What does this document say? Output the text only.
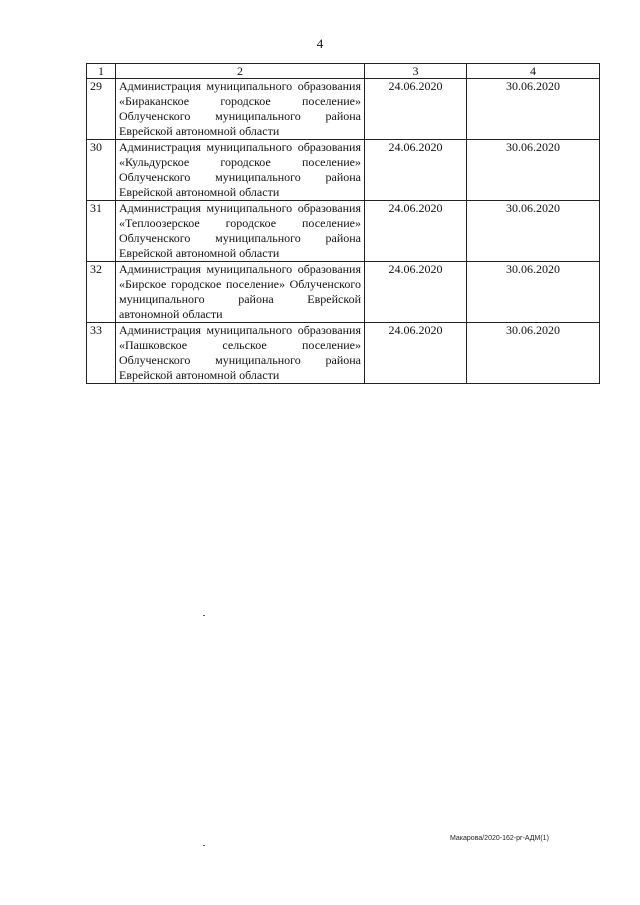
4
1	2	3	4
29	Администрация муниципального образования «Бираканское городское поселение» Облученского муниципального района Еврейской автономной области	24.06.2020	30.06.2020
30	Администрация муниципального образования «Кульдурское городское поселение» Облученского муниципального района Еврейской автономной области	24.06.2020	30.06.2020
31	Администрация муниципального образования «Теплоозерское городское поселение» Облученского муниципального района Еврейской автономной области	24.06.2020	30.06.2020
32	Администрация муниципального образования «Бирское городское поселение» Облученского муниципального района Еврейской автономной области	24.06.2020	30.06.2020
33	Администрация муниципального образования «Пашковское сельское поселение» Облученского муниципального района Еврейской автономной области	24.06.2020	30.06.2020
Макарова/2020-162-рг-АДМ(1)
